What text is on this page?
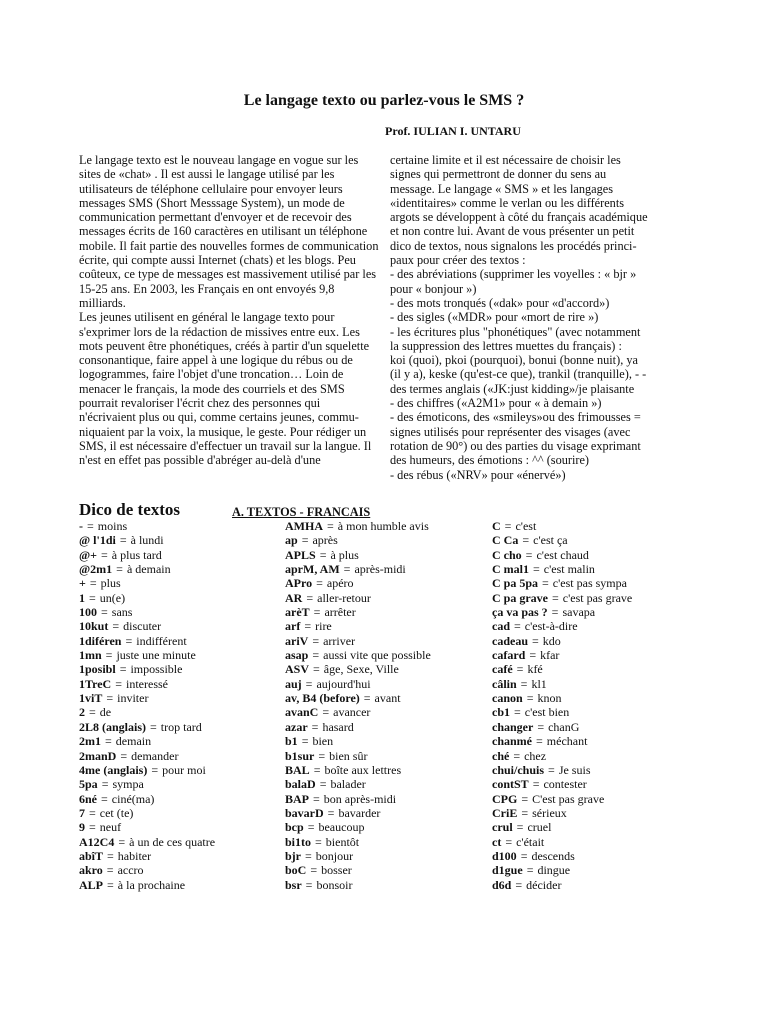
Le langage texto ou parlez-vous le SMS ?
Prof. IULIAN I. UNTARU

Le langage texto est le nouveau langage en vogue sur les sites de «chat» . Il est aussi le langage utilisé par les utilisateurs de téléphone cellulaire pour envoyer leurs messages SMS (Short Messsage System), un mode de communication permettant d'envoyer et de recevoir des messages écrits de 160 caractères en utilisant un téléphone mobile. Il fait partie des nouvelles formes de communication écrite, qui compte aussi Internet (chats) et les blogs. Peu coûteux, ce type de messages est massivement utilisé par les 15-25 ans. En 2003, les Français en ont envoyés 9,8 milliards.

Les jeunes utilisent en général le langage texto pour s'exprimer lors de la rédaction de missives entre eux. Les mots peuvent être phonétiques, créés à partir d'un squelette consonantique, faire appel à une logique du rébus ou de logogrammes, faire l'objet d'une troncation… Loin de menacer le français, la mode des courriels et des SMS pourrait revaloriser l'écrit chez des personnes qui n'écrivaient plus ou qui, comme certains jeunes, commu-niquaient par la voix, la musique, le geste. Pour rédiger un SMS, il est nécessaire d'effectuer un travail sur la langue. Il n'est en effet pas possible d'abréger au-delà d'une

certaine limite et il est nécessaire de choisir les
signes qui permettront de donner du sens au
message. Le langage « SMS » et les langages
«identitaires» comme le verlan ou les différents
argots se développent à côté du français académique
et non contre lui. Avant de vous présenter un petit
dico de textos, nous signalons les procédés princi-
paux pour créer des textos :
- des abréviations (supprimer les voyelles : « bjr »
pour « bonjour »)
- des mots tronqués («dak» pour «d'accord»)
- des sigles («MDR» pour «mort de rire »)
- les écritures plus "phonétiques" (avec notamment
la suppression des lettres muettes du français) :
koi (quoi), pkoi (pourquoi), bonui (bonne nuit), ya
(il y a), keske (qu'est-ce que), trankil (tranquille), - -
des termes anglais («JK:just kidding»/je plaisante
- des chiffres («A2M1» pour « à demain »)
- des émoticons, des «smileys»ou des frimousses =
signes utilisés pour représenter des visages (avec
rotation de 90°) ou des parties du visage exprimant
des humeurs, des émotions : ^^ (sourire)
- des rébus («NRV» pour «énervé»)
Dico de textos	A. TEXTOS - FRANCAIS
- = moins
@ l'1di = à lundi
@+ = à plus tard
@2m1 = à demain
+ = plus
1 = un(e)
100 = sans
10kut = discuter
1diféren = indifférent
1mn = juste une minute
1posibl = impossible
1TreC = interessé
1viT = inviter
2 = de
2L8 (anglais) = trop tard
2m1 = demain
2manD = demander
4me (anglais) = pour moi
5pa = sympa
6né = ciné(ma)
7 = cet (te)
9 = neuf
A12C4 = à un de ces quatre
abîT = habiter
akro = accro
ALP = à la prochaine
AMHA = à mon humble avis
ap = après
APLS = à plus
aprM, AM = après-midi
APro = apéro
AR = aller-retour
arèT = arrêter
arf = rire
ariV = arriver
asap = aussi vite que possible
ASV = âge, Sexe, Ville
auj = aujourd'hui
av, B4 (before) = avant
avanC = avancer
azar = hasard
b1 = bien
b1sur = bien sûr
BAL = boîte aux lettres
balaD = balader
BAP = bon après-midi
bavarD = bavarder
bcp = beaucoup
bi1to = bientôt
bjr = bonjour
boC = bosser
bsr = bonsoir
C = c'est
C Ca = c'est ça
C cho = c'est chaud
C mal1 = c'est malin
C pa 5pa = c'est pas sympa
C pa grave = c'est pas grave
ça va pas ? = savapa
cad = c'est-à-dire
cadeau = kdo
cafard = kfar
café = kfé
câlin = kl1
canon = knon
cb1 = c'est bien
changer = chanG
chanmé = méchant
ché = chez
chui/chuis = Je suis
contST = contester
CPG = C'est pas grave
CriE = sérieux
crul = cruel
ct = c'était
d100 = descends
d1gue = dingue
d6d = décider
